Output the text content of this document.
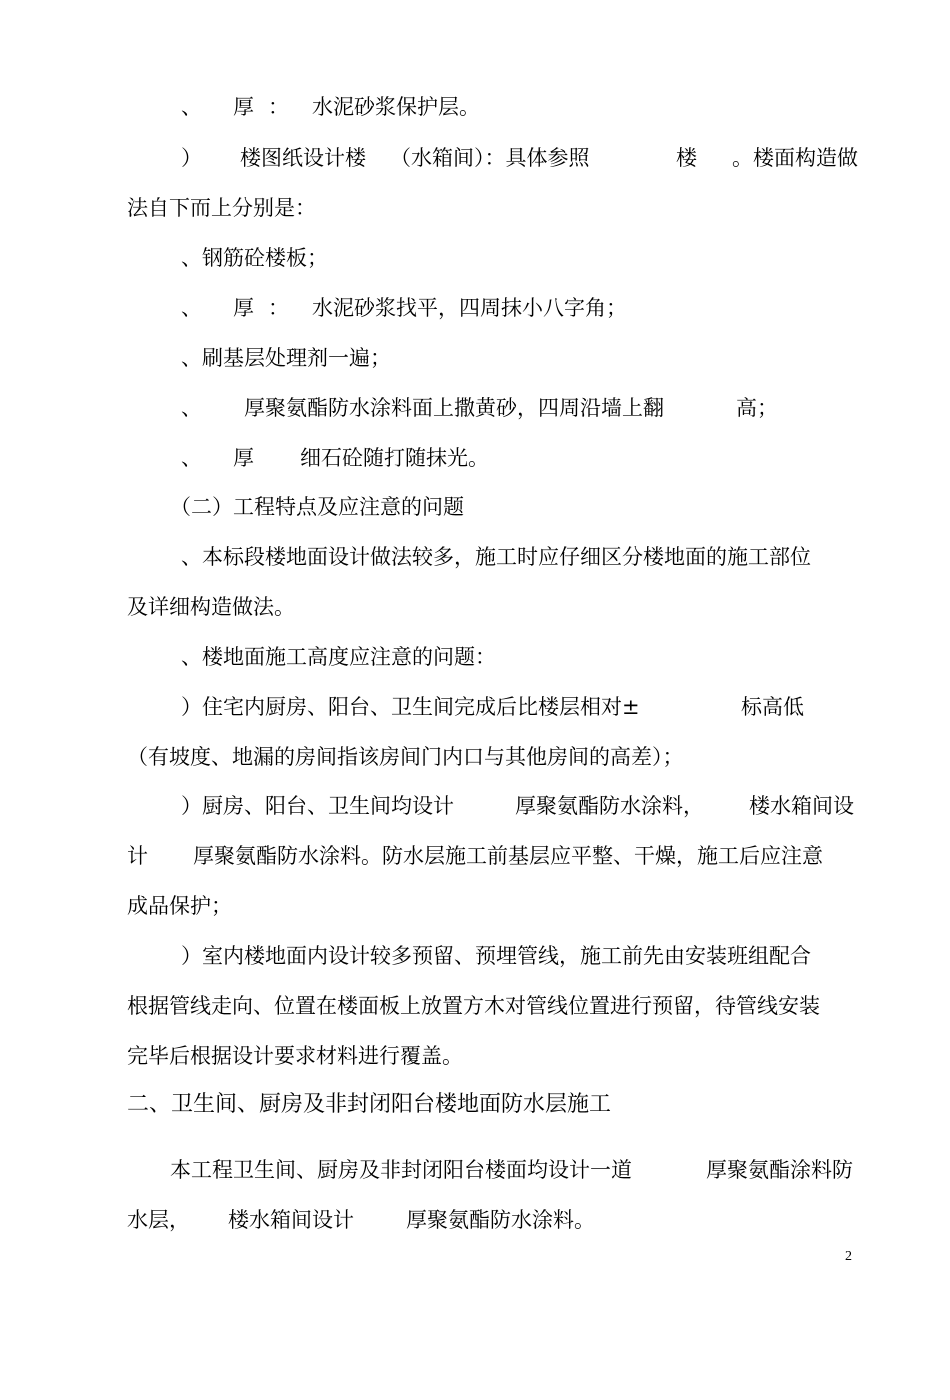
、

厚

：

水泥砂浆保护层。

）

楼图纸设计楼

（水箱间）：具体参照

	楼

。楼面构造做

法自下而上分别是：

、钢筋砼楼板；

、

厚

：

水泥砂浆找平，四周抹小八字角；

、刷基层处理剂一遍；

、

厚聚氨酯防水涂料面上撒黄砂，四周沿墙上翻

	高；

、

厚

细石砼随打随抹光。

（二）工程特点及应注意的问题

、本标段楼地面设计做法较多，施工时应仔细区分楼地面的施工部位

及详细构造做法。

、楼地面施工高度应注意的问题：

）住宅内厨房、阳台、卫生间完成后比楼层相对±

	标高低

（有坡度、地漏的房间指该房间门内口与其他房间的高差）；

）厨房、阳台、卫生间均设计

	厚聚氨酯防水涂料，

楼水箱间设

计

厚聚氨酯防水涂料。防水层施工前基层应平整、干燥，施工后应注意

成品保护；

）室内楼地面内设计较多预留、预埋管线，施工前先由安装班组配合

根据管线走向、位置在楼面板上放置方木对管线位置进行预留，待管线安装

完毕后根据设计要求材料进行覆盖。

二、卫生间、厨房及非封闭阳台楼地面防水层施工

本工程卫生间、厨房及非封闭阳台楼面均设计一道

	厚聚氨酯涂料防

水层，

楼水箱间设计

厚聚氨酯防水涂料。

2
